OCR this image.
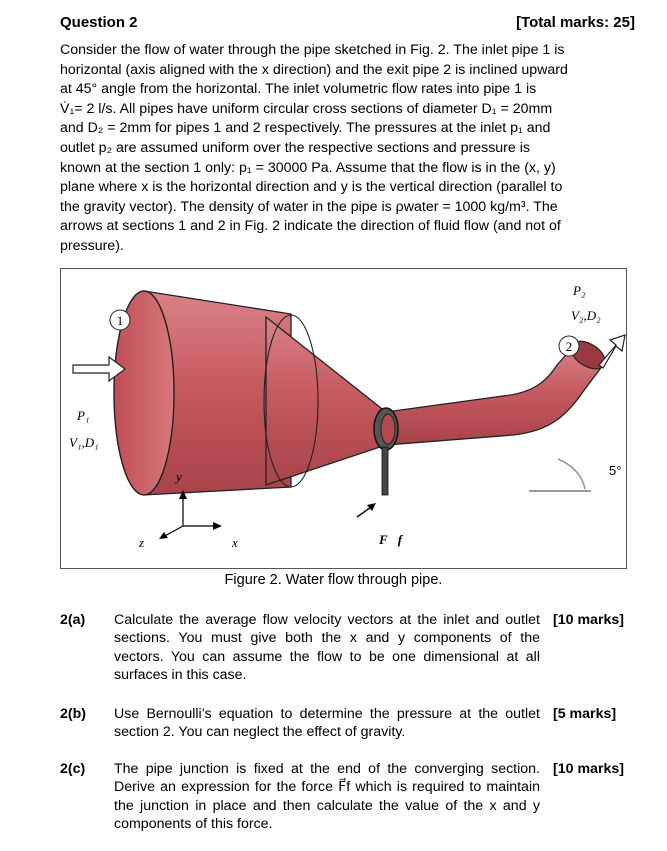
Question 2	[Total marks: 25]

Consider the flow of water through the pipe sketched in Fig. 2. The inlet pipe 1 is

horizontal (axis aligned with the x direction) and the exit pipe 2 is inclined upward

at 45° angle from the horizontal. The inlet volumetric flow rates into pipe 1 is

V̇₁= 2 l/s. All pipes have uniform circular cross sections of diameter D₁ = 20mm

and D₂ = 2mm for pipes 1 and 2 respectively. The pressures at the inlet p₁ and

outlet p₂ are assumed uniform over the respective sections and pressure is

known at the section 1 only: p₁ = 30000 Pa. Assume that the flow is in the (x, y)

plane where x is the horizontal direction and y is the vertical direction (parallel to

the gravity vector). The density of water in the pipe is ρwater = 1000 kg/m³. The

arrows at sections 1 and 2 in Fig. 2 indicate the direction of fluid flow (and not of

pressure).

1
2
P₁
V₁,D₁
P₂
V₂,D₂
5°
F⃗f
y
x
z
Figure 2. Water flow through pipe.
2(a) Calculate the average flow velocity vectors at the inlet and outlet sections. You must give both the x and y components of the vectors. You can assume the flow to be one dimensional at all surfaces in this case.
[10 marks]
2(b) Use Bernoulli’s equation to determine the pressure at the outlet section 2. You can neglect the effect of gravity.
[5 marks]
2(c) The pipe junction is fixed at the end of the converging section. Derive an expression for the force F⃗f which is required to maintain the junction in place and then calculate the value of the x and y components of this force.
[10 marks]
